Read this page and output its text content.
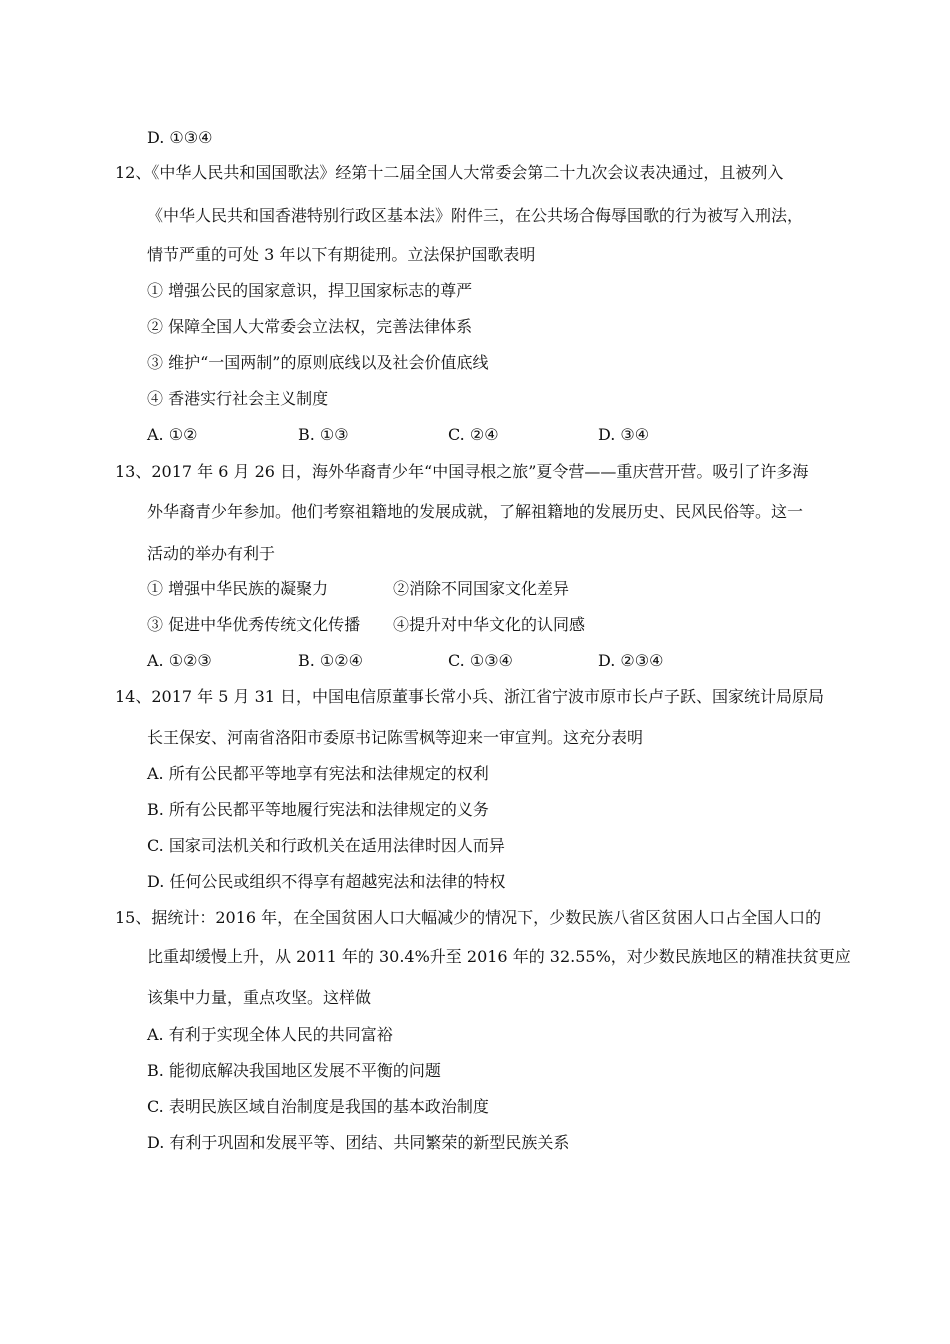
D. ①③④
12、《中华人民共和国国歌法》经第十二届全国人大常委会第二十九次会议表决通过，且被列入
《中华人民共和国香港特别行政区基本法》附件三，在公共场合侮辱国歌的行为被写入刑法，
情节严重的可处 3 年以下有期徒刑。立法保护国歌表明
① 增强公民的国家意识，捍卫国家标志的尊严
② 保障全国人大常委会立法权，完善法律体系
③ 维护“一国两制”的原则底线以及社会价值底线
④ 香港实行社会主义制度
A. ①②	B. ①③	C. ②④	D. ③④
13、2017 年 6 月 26 日，海外华裔青少年“中国寻根之旅”夏令营——重庆营开营。吸引了许多海
外华裔青少年参加。他们考察祖籍地的发展成就，了解祖籍地的发展历史、民风民俗等。这一
活动的举办有利于
① 增强中华民族的凝聚力	②消除不同国家文化差异
③ 促进中华优秀传统文化传播 ④提升对中华文化的认同感
A. ①②③	B. ①②④	C. ①③④	D. ②③④
14、2017 年 5 月 31 日，中国电信原董事长常小兵、浙江省宁波市原市长卢子跃、国家统计局原局
长王保安、河南省洛阳市委原书记陈雪枫等迎来一审宣判。这充分表明
A. 所有公民都平等地享有宪法和法律规定的权利
B. 所有公民都平等地履行宪法和法律规定的义务
C. 国家司法机关和行政机关在适用法律时因人而异
D. 任何公民或组织不得享有超越宪法和法律的特权
15、据统计：2016 年，在全国贫困人口大幅减少的情况下，少数民族八省区贫困人口占全国人口的
比重却缓慢上升，从 2011 年的 30.4%升至 2016 年的 32.55%，对少数民族地区的精准扶贫更应
该集中力量，重点攻坚。这样做
A. 有利于实现全体人民的共同富裕
B. 能彻底解决我国地区发展不平衡的问题
C. 表明民族区域自治制度是我国的基本政治制度
D. 有利于巩固和发展平等、团结、共同繁荣的新型民族关系
